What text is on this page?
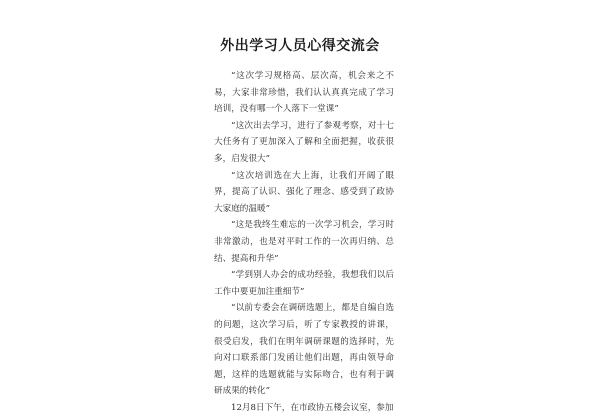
外出学习人员心得交流会

“这次学习规格高、层次高，机会来之不易，大家非常珍惜，我们认认真真完成了学习培训，没有哪一个人落下一堂课”

“这次出去学习，进行了参观考察，对十七大任务有了更加深入了解和全面把握，收获很多，启发很大”

“这次培训选在大上海，让我们开阔了眼界，提高了认识、强化了理念、感受到了政协大家庭的温暖”

“这是我终生难忘的一次学习机会，学习时非常激动，也是对平时工作的一次再归纳、总结、提高和升华”

“学到别人办会的成功经验，我想我们以后工作中要更加注重细节”

“以前专委会在调研选题上，都是自编自选的问题，这次学习后，听了专家教授的讲课，很受启发，我们在明年调研课题的选择时，先向对口联系部门发函让他们出题，再由领导命题，这样的选题就能与实际吻合，也有利于调研成果的转化”

12月8日下午，在市政协五楼会议室，参加
